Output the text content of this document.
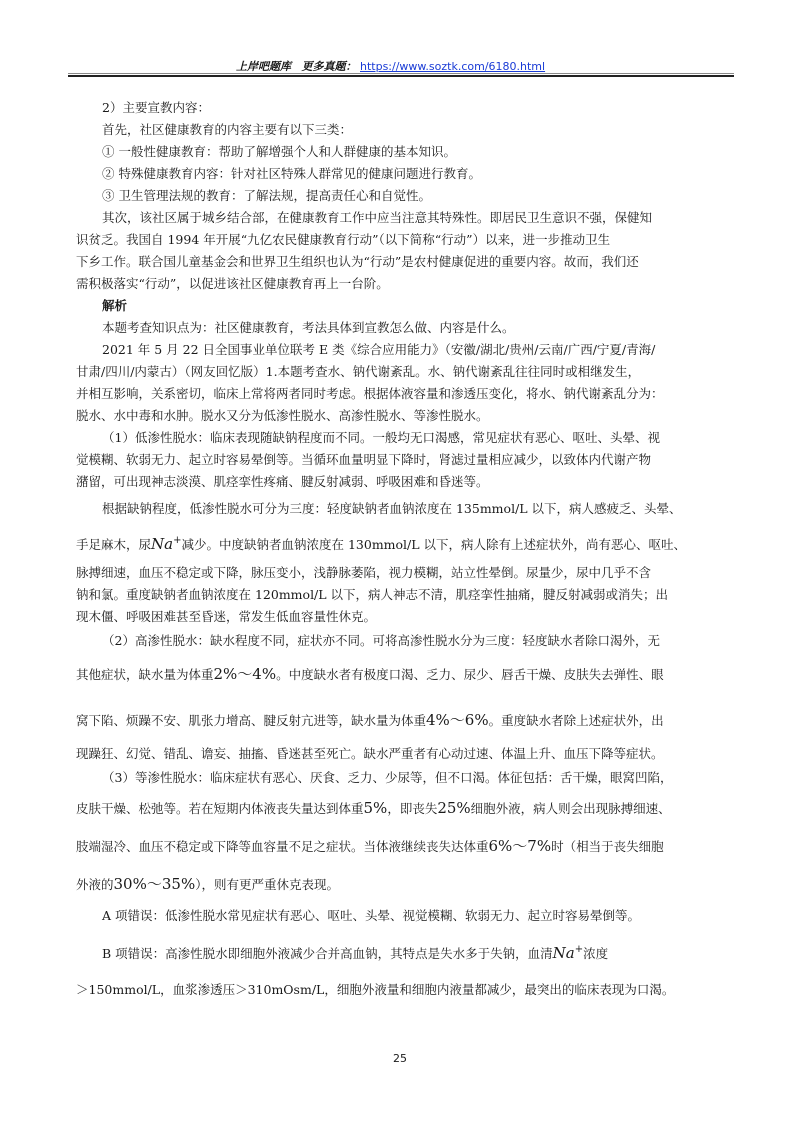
上岸吧题库 更多真题： https://www.soztk.com/6180.html
2）主要宣教内容：
首先，社区健康教育的内容主要有以下三类：
① 一般性健康教育：帮助了解增强个人和人群健康的基本知识。
② 特殊健康教育内容：针对社区特殊人群常见的健康问题进行教育。
③ 卫生管理法规的教育：了解法规，提高责任心和自觉性。
其次，该社区属于城乡结合部，在健康教育工作中应当注意其特殊性。即居民卫生意识不强，保健知
识贫乏。我国自 1994 年开展“九亿农民健康教育行动”（以下简称“行动”）以来，进一步推动卫生
下乡工作。联合国儿童基金会和世界卫生组织也认为“行动”是农村健康促进的重要内容。故而，我们还
需积极落实“行动”，以促进该社区健康教育再上一台阶。
解析
本题考查知识点为：社区健康教育，考法具体到宣教怎么做、内容是什么。
2021 年 5 月 22 日全国事业单位联考 E 类《综合应用能力》（安徽/湖北/贵州/云南/广西/宁夏/青海/
甘肃/四川/内蒙古）（网友回忆版）1.本题考查水、钠代谢紊乱。水、钠代谢紊乱往往同时或相继发生，
并相互影响，关系密切，临床上常将两者同时考虑。根据体液容量和渗透压变化，将水、钠代谢紊乱分为：
脱水、水中毒和水肿。脱水又分为低渗性脱水、高渗性脱水、等渗性脱水。
（1）低渗性脱水：临床表现随缺钠程度而不同。一般均无口渴感，常见症状有恶心、呕吐、头晕、视
觉模糊、软弱无力、起立时容易晕倒等。当循环血量明显下降时，肾滤过量相应减少，以致体内代谢产物
潴留，可出现神志淡漠、肌痉挛性疼痛、腱反射减弱、呼吸困难和昏迷等。
根据缺钠程度，低渗性脱水可分为三度：轻度缺钠者血钠浓度在 135mmol/L 以下，病人感疲乏、头晕、
手足麻木，尿Na+减少。中度缺钠者血钠浓度在 130mmol/L 以下，病人除有上述症状外，尚有恶心、呕吐、
脉搏细速，血压不稳定或下降，脉压变小，浅静脉萎陷，视力模糊，站立性晕倒。尿量少，尿中几乎不含
钠和氯。重度缺钠者血钠浓度在 120mmol/L 以下，病人神志不清，肌痉挛性抽痛，腱反射减弱或消失；出
现木僵、呼吸困难甚至昏迷，常发生低血容量性休克。
（2）高渗性脱水：缺水程度不同，症状亦不同。可将高渗性脱水分为三度：轻度缺水者除口渴外，无
其他症状，缺水量为体重2%～4%。中度缺水者有极度口渴、乏力、尿少、唇舌干燥、皮肤失去弹性、眼
窝下陷、烦躁不安、肌张力增高、腱反射亢进等，缺水量为体重4%～6%。重度缺水者除上述症状外，出
现躁狂、幻觉、错乱、谵妄、抽搐、昏迷甚至死亡。缺水严重者有心动过速、体温上升、血压下降等症状。
（3）等渗性脱水：临床症状有恶心、厌食、乏力、少尿等，但不口渴。体征包括：舌干燥，眼窝凹陷，
皮肤干燥、松弛等。若在短期内体液丧失量达到体重5%，即丧失25%细胞外液，病人则会出现脉搏细速、
肢端湿冷、血压不稳定或下降等血容量不足之症状。当体液继续丧失达体重6%～7%时（相当于丧失细胞
外液的30%～35%），则有更严重休克表现。
A 项错误：低渗性脱水常见症状有恶心、呕吐、头晕、视觉模糊、软弱无力、起立时容易晕倒等。
B 项错误：高渗性脱水即细胞外液减少合并高血钠，其特点是失水多于失钠，血清Na+浓度
＞150mmol/L，血浆渗透压＞310mOsm/L，细胞外液量和细胞内液量都减少，最突出的临床表现为口渴。
25
